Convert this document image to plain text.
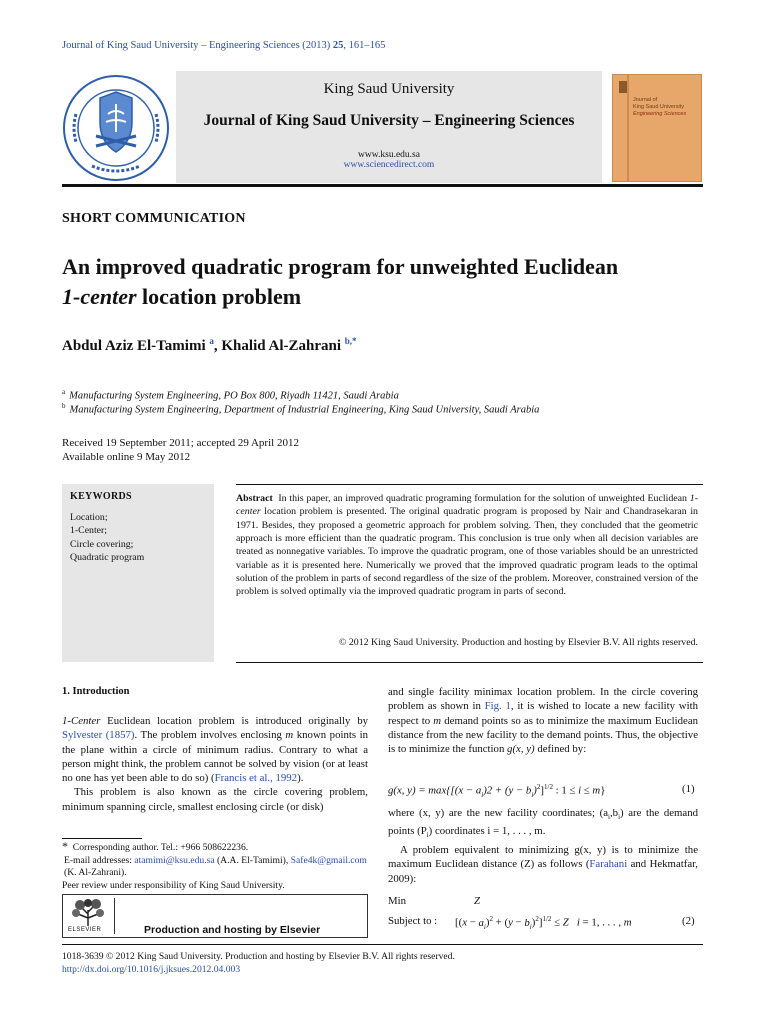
Journal of King Saud University – Engineering Sciences (2013) 25, 161–165
King Saud University
Journal of King Saud University – Engineering Sciences
www.ksu.edu.sa
www.sciencedirect.com
Journal of
King Saud University
Engineering Sciences
SHORT COMMUNICATION
An improved quadratic program for unweighted Euclidean
1-center location problem
Abdul Aziz El-Tamimi $^a$, Khalid Al-Zahrani $^{b,*}$
$^a$ Manufacturing System Engineering, PO Box 800, Riyadh 11421, Saudi Arabia
$^b$ Manufacturing System Engineering, Department of Industrial Engineering, King Saud University, Saudi Arabia
Received 19 September 2011; accepted 29 April 2012
Available online 9 May 2012
KEYWORDS
Location;
1-Center;
Circle covering;
Quadratic program
Abstract In this paper, an improved quadratic programing formulation for the solution of unweighted Euclidean 1-center location problem is presented. The original quadratic program is proposed by Nair and Chandrasekaran in 1971. Besides, they proposed a geometric approach for problem solving. Then, they concluded that the geometric approach is more efficient than the quadratic program. This conclusion is true only when all decision variables are treated as nonnegative variables. To improve the quadratic program, one of those variables should be an unrestricted variable as it is presented here. Numerically we proved that the improved quadratic program leads to the optimal solution of the problem in parts of second regardless of the size of the problem. Moreover, constrained version of the problem is solved optimally via the improved quadratic program in parts of second.
© 2012 King Saud University. Production and hosting by Elsevier B.V. All rights reserved.
1. Introduction
1-Center Euclidean location problem is introduced originally by Sylvester (1857). The problem involves enclosing m known points in the plane within a circle of minimum radius. Contrary to what a person might think, the problem cannot be solved by vision (or at least no one has yet been able to do so) (Francis et al., 1992).
This problem is also known as the circle covering problem, minimum spanning circle, smallest enclosing circle (or disk)
* Corresponding author. Tel.: +966 508622236.
E-mail addresses: atamimi@ksu.edu.sa (A.A. El-Tamimi), Safe4k@gmail.com (K. Al-Zahrani).
Peer review under responsibility of King Saud University.
ELSEVIER	Production and hosting by Elsevier
and single facility minimax location problem. In the circle covering problem as shown in Fig. 1, it is wished to locate a new facility with respect to m demand points so as to minimize the maximum Euclidean distance from the new facility to the demand points. Thus, the objective is to minimize the function g(x, y) defined by:
g(x, $y) = \max\{[(x - a_i)2 + (y - b_i)^2]^{1/2}$ : 1 ≤ i ≤ m}	(1)
where (x, y) are the new facility coordinates; $(a_i,b_i)$ are the demand points $(P_i)$ coordinates i = 1, . . . , m.
A problem equivalent to minimizing g(x, y) is to minimize the maximum Euclidean distance (Z) as follows (Farahani and Hekmatfar, 2009):
Min	Z
Subject to : $[(x - a_i)^2 + (y - b_i)^2]^{1/2} \le Z$ i = 1, . . . , m	(2)
1018-3639 © 2012 King Saud University. Production and hosting by Elsevier B.V. All rights reserved.
http://dx.doi.org/10.1016/j.jksues.2012.04.003
